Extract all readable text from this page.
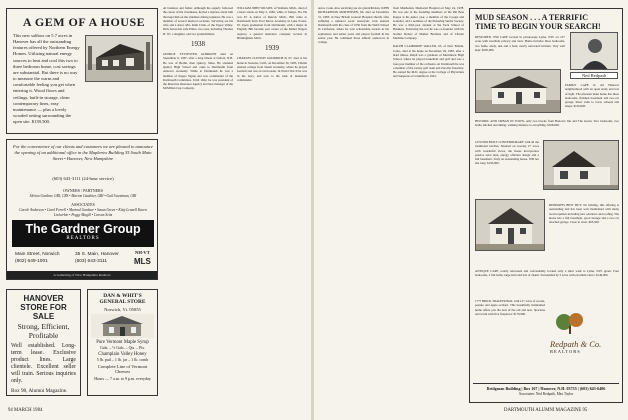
A GEM OF A HOUSE
This new saltbox on 5.7 acres in Hanover has all the outstanding features offered by Northern Energy Homes. Utilizing natural energy sources to heat and cool this two to three bedroom home, cost savings are substantial. But there is no way to measure the warm and comfortable feeling you get when entering it. Wood floors and ceilings, built-in storage, clean contemporary lines, easy maintenance — plus a lovely wooded setting surrounding the open site. $139,500.
For the convenience of our clients and customers we are pleased to announce the opening of an additional office in the Maplerow Building 35 South Main Street • Hanover, New Hampshire
(603) 643-3111 (24-hour service)
OWNERS / PARTNERS
Silvino Gardner, GRI, CRS • Marion Gauthier, GRI • Gail Sweatman, GRI
ASSOCIATES
Carole Anderson • Carol Ferrell • Marinal Gardner • Susan Green • Kitty Lennell Karen Lockerbie • Peggy Magill • Carson Seitz
The Gardner Group
REALTORS
Main Street, Norwich
(802) 649-1001
35 S. Main, Hanover
(603) 643-3111
NH-VT
MLS
A Gathering of New Hampshire Realtors
HANOVER STORE FOR SALE
Strong, Efficient, Profitable
Well established. Long-term lease. Exclusive product lines. Large clientele. Excellent seller will train. Serious inquiries only.
Box 98, Alumni Magazine.
DAN & WHIT'S GENERAL STORE
Norwich, Vt. 05055
Pure Vermont Maple Syrup
Gals. – ½ Gals. – Qts. – Pts.
Champlain Valley Honey
5 lb. pail – 1 lb. jar – 1 lb. comb
Complete Line of Vermont Cheeses
Hours — 7 a.m. to 9 p.m. everyday
oil business and father. Although his eagerly followed the career of his classmates, he had a shyness about him that kept him on the sidelines during reunions. He was a member of several medical societies. Surviving are his wife and a sister, Mrs. Ruth Clark, of the Upper Valley. Dick leaves his wife Elinor, two sons, including Thomas H. '67, a daughter, and two grandchildren.
1938
GEORGE SYLVESTER ALBRIGHT died on September 6, 1967, after a long illness at Lisbon, N.H. He was of Berlin, then Quincy, Mass. He attended Quincy High School and came to Dartmouth from Andover Academy. While at Dartmouth he was a member of Kappa Sigma and was commander of the Dartmouth Committee. Until 1942, he was president of the Interstate Insurance Agency and later manager of the McMillan Cup Company.
WILLIAM JOHN WILSON, of Watham, Mich., died of a heart attack on May 2, 1982, while at Tampa, Fla. He was 67. A native of Detroit, Mich., Bill came to Dartmouth from Ford Motor Academy in Lake Forest, Ill. Upon graduation from Dartmouth, with a major in English, Bill became part owner of the Kimel Wagers Agency, a general insurance company located in Birmingham, Mich.
1939
CHARLES CLINTON GOODRICH II, 67, died at his home in Sonoma, Calif., on December 30, 1983. Charlie entered college from Salem Academy, where he played football and was an avid reader. In World War II he was in the navy, and rose to the rank of lieutenant commander.
94 MARCH 1984
Avon, Conn. Also surviving are six grandchildren. JOHN RICHARDSON MORTENSEN, 66, died on December 31, 1983, in New Britain General Hospital shortly after suffering a ruptured aortic aneurysm. Jack entered Dartmouth with the class of 1939 from the Webb School in California, where he won scholarship awards in his sophomore and senior years and played football in his senior year. He continued those athletic endeavors in college.
from Manhattan, Memorial Hospital on May 24, 1978. He was one of the founding members of the Phi Beta Kappa at his junior year, a member of the Casque and Gauntlet, and a nominee of the Pickering Senior Society. He was a third-year student at the Tuck School of Business. Following the war he was co-founder with his brother Robert of Mather Brothers and of Charter Machine Company.
RALPH CLAIBORNE WALLER, 65, of New Britain, Conn., died at his home on December 29, 1983, after a brief illness. Ralph was a graduate of Merrimack High School, where he played basketball and golf and was a four-year member of the orchestra. At Dartmouth he was a member of the varsity golf team and Zeta Psi fraternity. He earned his M.D. degree at the College of Physicians and Surgeons at Columbia in 1943.
MUD SEASON . . . A TERRIFIC
TIME TO BEGIN YOUR SEARCH!
RESTORED 1790 CAPE located in picturesque Lyme, N.H. on 10+ acres with excellent privacy and view. Home includes three bedrooms, two baths, study, den and a barn, newly renovated kitchen. Very well kept. $295,000.
Ned Redpath
FAMILY CAPE in old Hanover neighborhood with an open study and lots of light. The pleasant main home has three bedrooms, finished basement and two-car garage. Short walk to town, schools and shops. $165,000.
HISTORIC AND URBAN IN TOWN, only two blocks from Hanover Inn and The Green. Two bedrooms, two baths, kitchen and dining, walking distance to everything. $168,000.
CUSTOM BUILT CONTEMPORARY with all the traditional touches. Situated on woodsy 2+ acres with wonderful views, the house incorporates passive solar heat, energy efficient design and a full basement. Truly an outstanding house. Will not last long. $195,000.
REDPATH'S BEST BUY. No kidding, this offering is outstanding and has been well maintained with many recent updates including new windows and roofing. The house has a full basement, good storage and a two-car attached garage. Close to town. $95,500.
ANTIQUE CAPE, totally renovated and conveniently located only a short walk to Lyme, N.H. green. Four bedrooms, 2 full baths, large barn and lots of charm. Surrounded by 5 acres with excellent views. $149,000.
1777 BRICK TRADITIONAL with 12+ acres of woods, pasture and apple orchard. This beautifully maintained home offers you the best of the old and new. Spacious and warm with five fireplaces. $179,900.
Redpath & Co.
REALTORS
Bridgman Building | Box 167 | Hanover, N.H. 03755 | (603) 643-6406
Associates: Ned Redpath, Max Taylor
DARTMOUTH ALUMNI MAGAZINE 95
